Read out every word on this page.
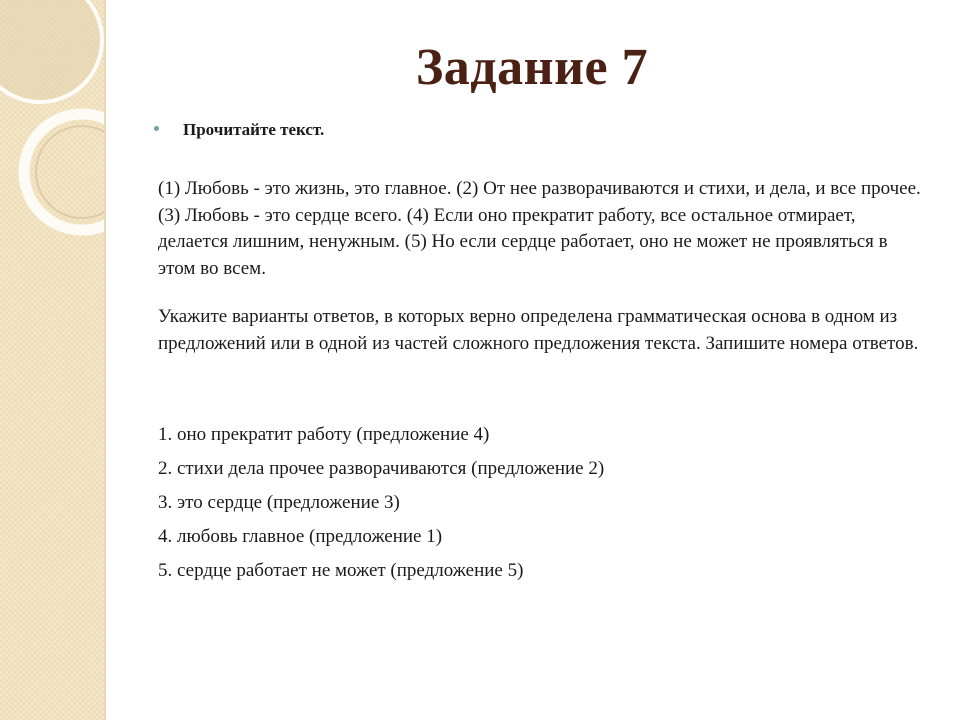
Задание 7
Прочитайте текст.

(1) Любовь - это жизнь, это главное. (2) От нее разворачиваются и стихи, и дела, и все прочее. (3) Любовь - это сердце всего. (4) Если оно прекратит работу, все остальное отмирает, делается лишним, ненужным. (5) Но если сердце работает, оно не может не проявляться в этом во всем.

Укажите варианты ответов, в которых верно определена грамматическая основа в одном из предложений или в одной из частей сложного предложения текста. Запишите номера ответов.

1. оно прекратит работу (предложение 4)
2. стихи дела прочее разворачиваются (предложение 2)
3. это сердце (предложение 3)
4. любовь главное (предложение 1)
5. сердце работает не может (предложение 5)
